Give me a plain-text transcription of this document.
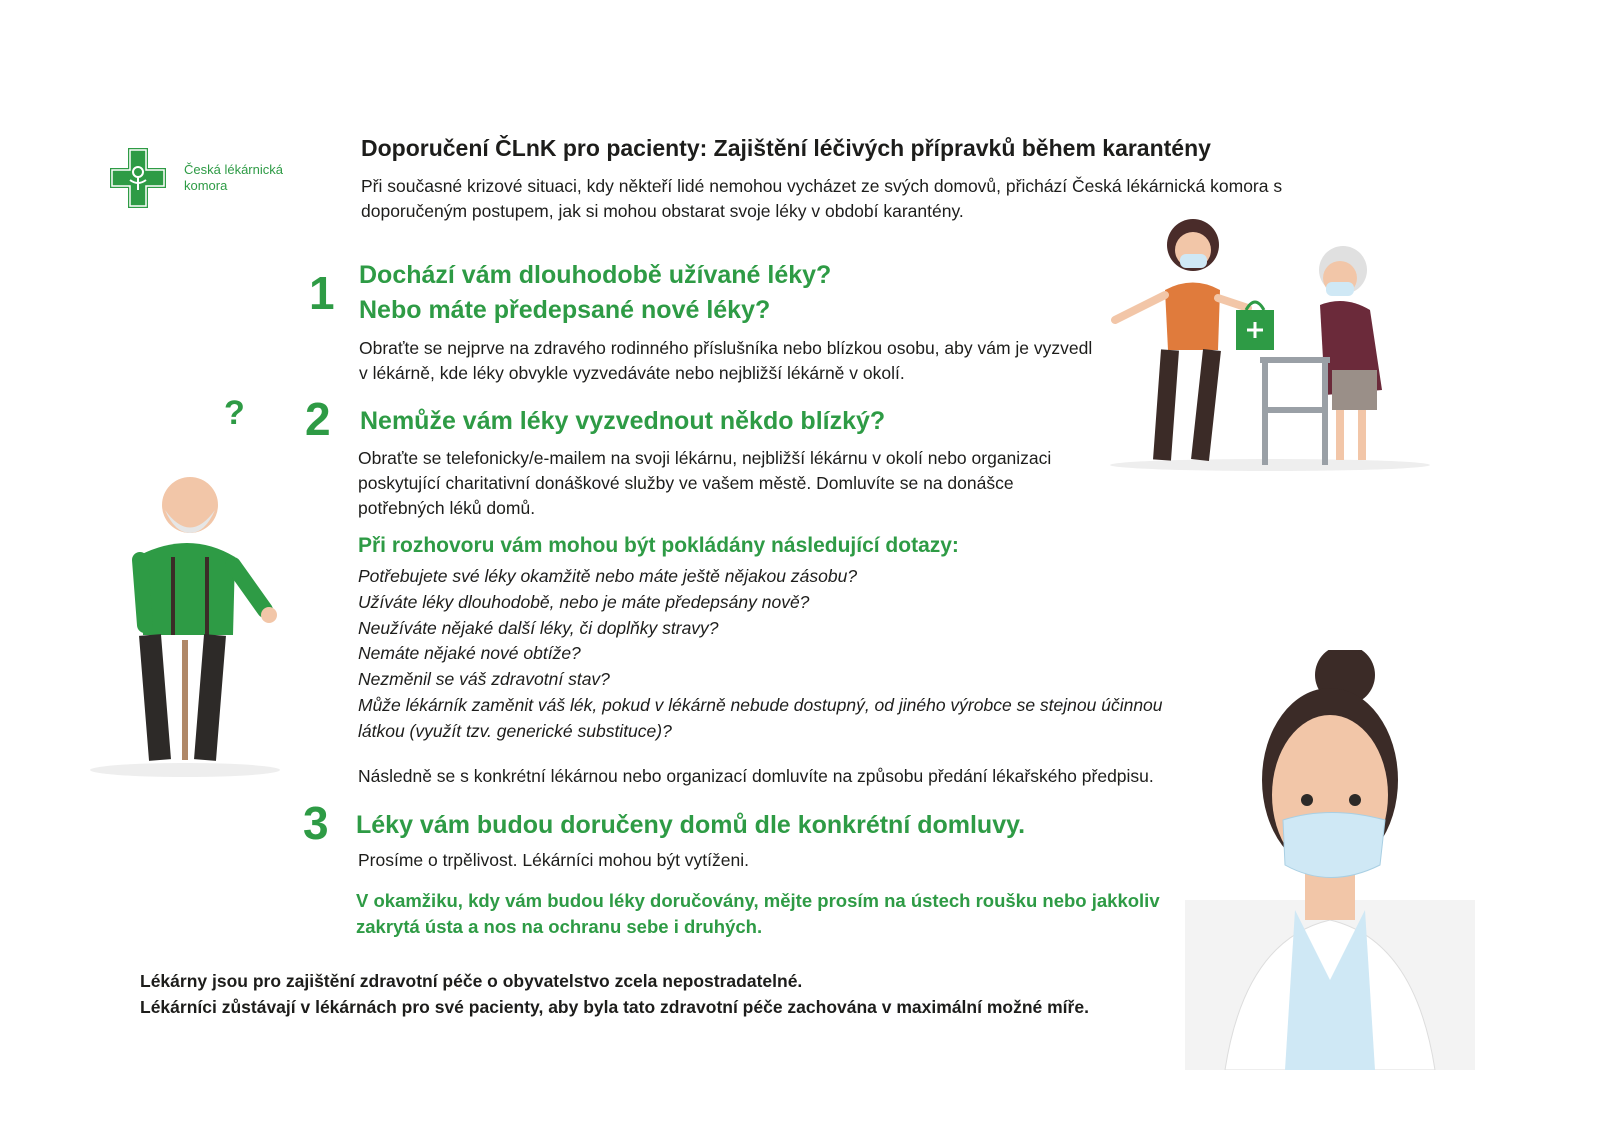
Česká lékárnická
komora
Doporučení ČLnK pro pacienty: Zajištění léčivých přípravků během karantény
Při současné krizové situaci, kdy někteří lidé nemohou vycházet ze svých domovů, přichází Česká lékárnická komora s doporučeným postupem, jak si mohou obstarat svoje léky v období karantény.
1 Dochází vám dlouhodobě užívané léky?
Nebo máte předepsané nové léky?
Obraťte se nejprve na zdravého rodinného příslušníka nebo blízkou osobu, aby vám je vyzvedl v lékárně, kde léky obvykle vyzvedáváte nebo nejbližší lékárně v okolí.
? 2 Nemůže vám léky vyzvednout někdo blízký?
Obraťte se telefonicky/e-mailem na svoji lékárnu, nejbližší lékárnu v okolí nebo organizaci poskytující charitativní donáškové služby ve vašem městě. Domluvíte se na donášce potřebných léků domů.
Při rozhovoru vám mohou být pokládány následující dotazy:
Potřebujete své léky okamžitě nebo máte ještě nějakou zásobu?
Užíváte léky dlouhodobě, nebo je máte předepsány nově?
Neužíváte nějaké další léky, či doplňky stravy?
Nemáte nějaké nové obtíže?
Nezměnil se váš zdravotní stav?
Může lékárník zaměnit váš lék, pokud v lékárně nebude dostupný, od jiného výrobce se stejnou účinnou látkou (využít tzv. generické substituce)?
Následně se s konkrétní lékárnou nebo organizací domluvíte na způsobu předání lékařského předpisu.
3 Léky vám budou doručeny domů dle konkrétní domluvy.
Prosíme o trpělivost. Lékárníci mohou být vytíženi.
V okamžiku, kdy vám budou léky doručovány, mějte prosím na ústech roušku nebo jakkoliv zakrytá ústa a nos na ochranu sebe i druhých.
Lékárny jsou pro zajištění zdravotní péče o obyvatelstvo zcela nepostradatelné.
Lékárníci zůstávají v lékárnách pro své pacienty, aby byla tato zdravotní péče zachována v maximální možné míře.
